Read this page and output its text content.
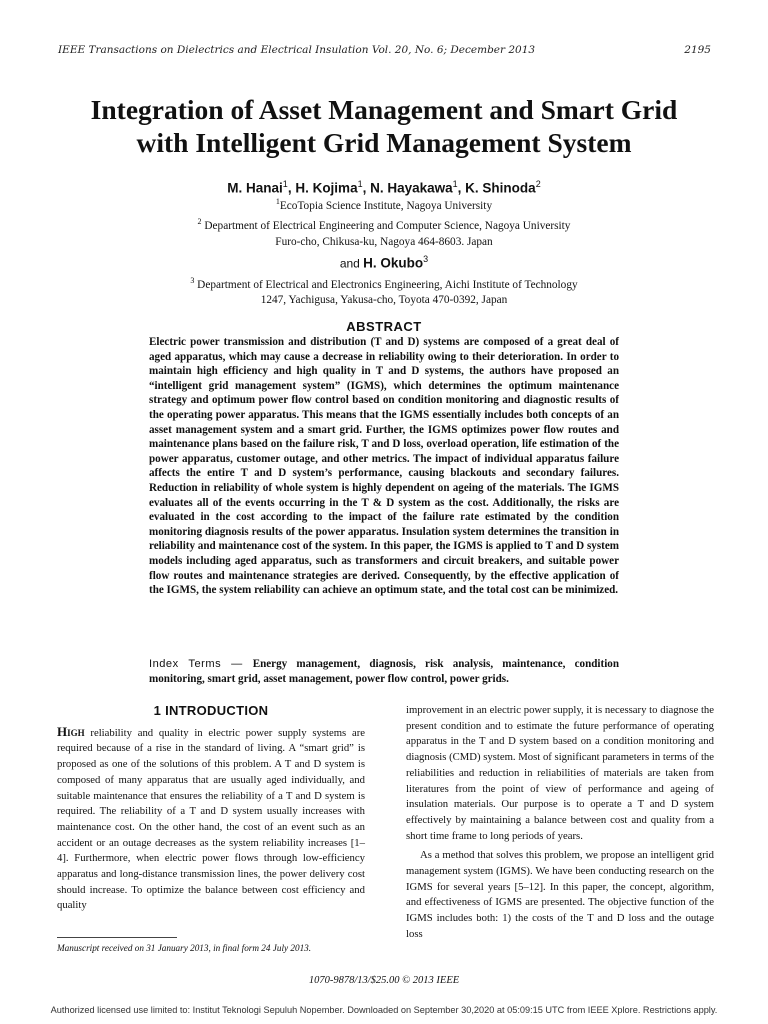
IEEE Transactions on Dielectrics and Electrical Insulation Vol. 20, No. 6; December 2013	2195
Integration of Asset Management and Smart Grid
with Intelligent Grid Management System
M. Hanai$^1$, H. Kojima$^1$, N. Hayakawa$^1$, K. Shinoda$^2$
$^1$EcoTopia Science Institute, Nagoya University
$^2$ Department of Electrical Engineering and Computer Science, Nagoya University
Furo-cho, Chikusa-ku, Nagoya 464-8603. Japan
and H. Okubo$^3$
$^3$ Department of Electrical and Electronics Engineering, Aichi Institute of Technology
1247, Yachigusa, Yakusa-cho, Toyota 470-0392, Japan
ABSTRACT

Electric power transmission and distribution (T and D) systems are composed of a great deal of aged apparatus, which may cause a decrease in reliability owing to their deterioration. In order to maintain high efficiency and high quality in T and D systems, the authors have proposed an “intelligent grid management system” (IGMS), which determines the optimum maintenance strategy and optimum power flow control based on condition monitoring and diagnostic results of the operating power apparatus. This means that the IGMS essentially includes both concepts of an asset management system and a smart grid. Further, the IGMS optimizes power flow routes and maintenance plans based on the failure risk, T and D loss, overload operation, life estimation of the power apparatus, customer outage, and other metrics. The impact of individual apparatus failure affects the entire T and D system’s performance, causing blackouts and secondary failures. Reduction in reliability of whole system is highly dependent on ageing of the materials. The IGMS evaluates all of the events occurring in the T & D system as the cost. Additionally, the risks are evaluated in the cost according to the impact of the failure rate estimated by the condition monitoring diagnosis results of the power apparatus. Insulation system determines the transition in reliability and maintenance cost of the system. In this paper, the IGMS is applied to T and D system models including aged apparatus, such as transformers and circuit breakers, and suitable power flow routes and maintenance strategies are derived. Consequently, by the effective application of the IGMS, the system reliability can achieve an optimum state, and the total cost can be minimized.

Index Terms — Energy management, diagnosis, risk analysis, maintenance, condition monitoring, smart grid, asset management, power flow control, power grids.

1 INTRODUCTION

High reliability and quality in electric power supply systems are required because of a rise in the standard of living. A “smart grid” is proposed as one of the solutions of this problem. A T and D system is composed of many apparatus that are usually aged individually, and suitable maintenance that ensures the reliability of a T and D system is required. The reliability of a T and D system usually increases with maintenance cost. On the other hand, the cost of an event such as an accident or an outage decreases as the system reliability increases [1–4]. Furthermore, when electric power flows through low-efficiency apparatus and long-distance transmission lines, the power delivery cost should increase. To optimize the balance between cost efficiency and quality

improvement in an electric power supply, it is necessary to diagnose the present condition and to estimate the future performance of operating apparatus in the T and D system based on a condition monitoring and diagnosis (CMD) system. Most of significant parameters in terms of the reliabilities and reduction in reliabilities of materials are taken from literatures from the point of view of performance and ageing of insulation materials. Our purpose is to operate a T and D system effectively by maintaining a balance between cost and quality from a short time frame to long periods of years.

As a method that solves this problem, we propose an intelligent grid management system (IGMS). We have been conducting research on the IGMS for several years [5–12]. In this paper, the concept, algorithm, and effectiveness of IGMS are presented. The objective function of the IGMS includes both: 1) the costs of the T and D loss and the outage loss

Manuscript received on 31 January 2013, in final form 24 July 2013.
1070-9878/13/$25.00 © 2013 IEEE
Authorized licensed use limited to: Institut Teknologi Sepuluh Nopember. Downloaded on September 30,2020 at 05:09:15 UTC from IEEE Xplore. Restrictions apply.
